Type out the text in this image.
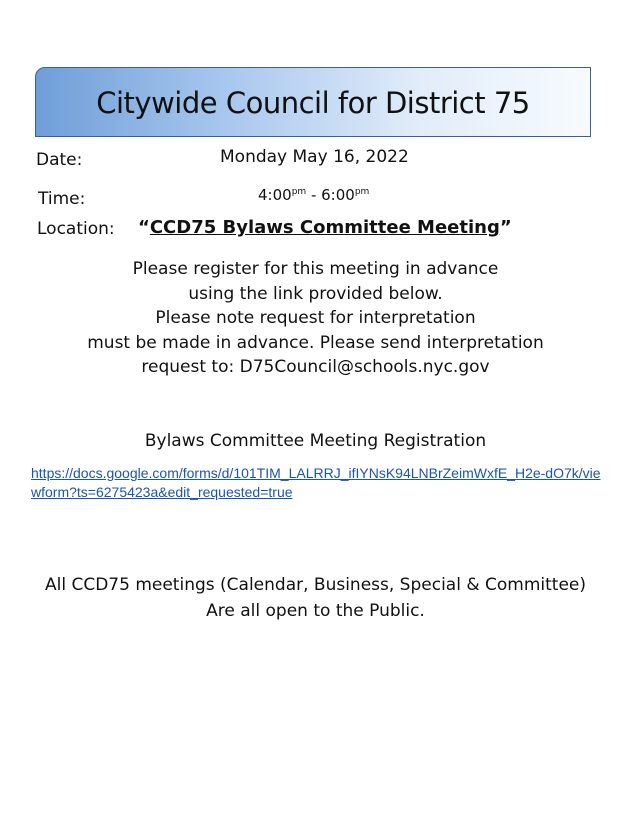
Citywide Council for District 75
Date:	Monday May 16, 2022
Time:	$4:00^{pm}$ - $6:00^{pm}$
Location: “CCD75 Bylaws Committee Meeting”
Please register for this meeting in advance
using the link provided below.
Please note request for interpretation
must be made in advance. Please send interpretation
request to: D75Council@schools.nyc.gov
Bylaws Committee Meeting Registration
https://docs.google.com/forms/d/101TIM_LALRRJ_ifIYNsK94LNBrZeimWxfE_H2e-dO7k/viewform?ts=6275423a&edit_requested=true
All CCD75 meetings (Calendar, Business, Special & Committee)
Are all open to the Public.
